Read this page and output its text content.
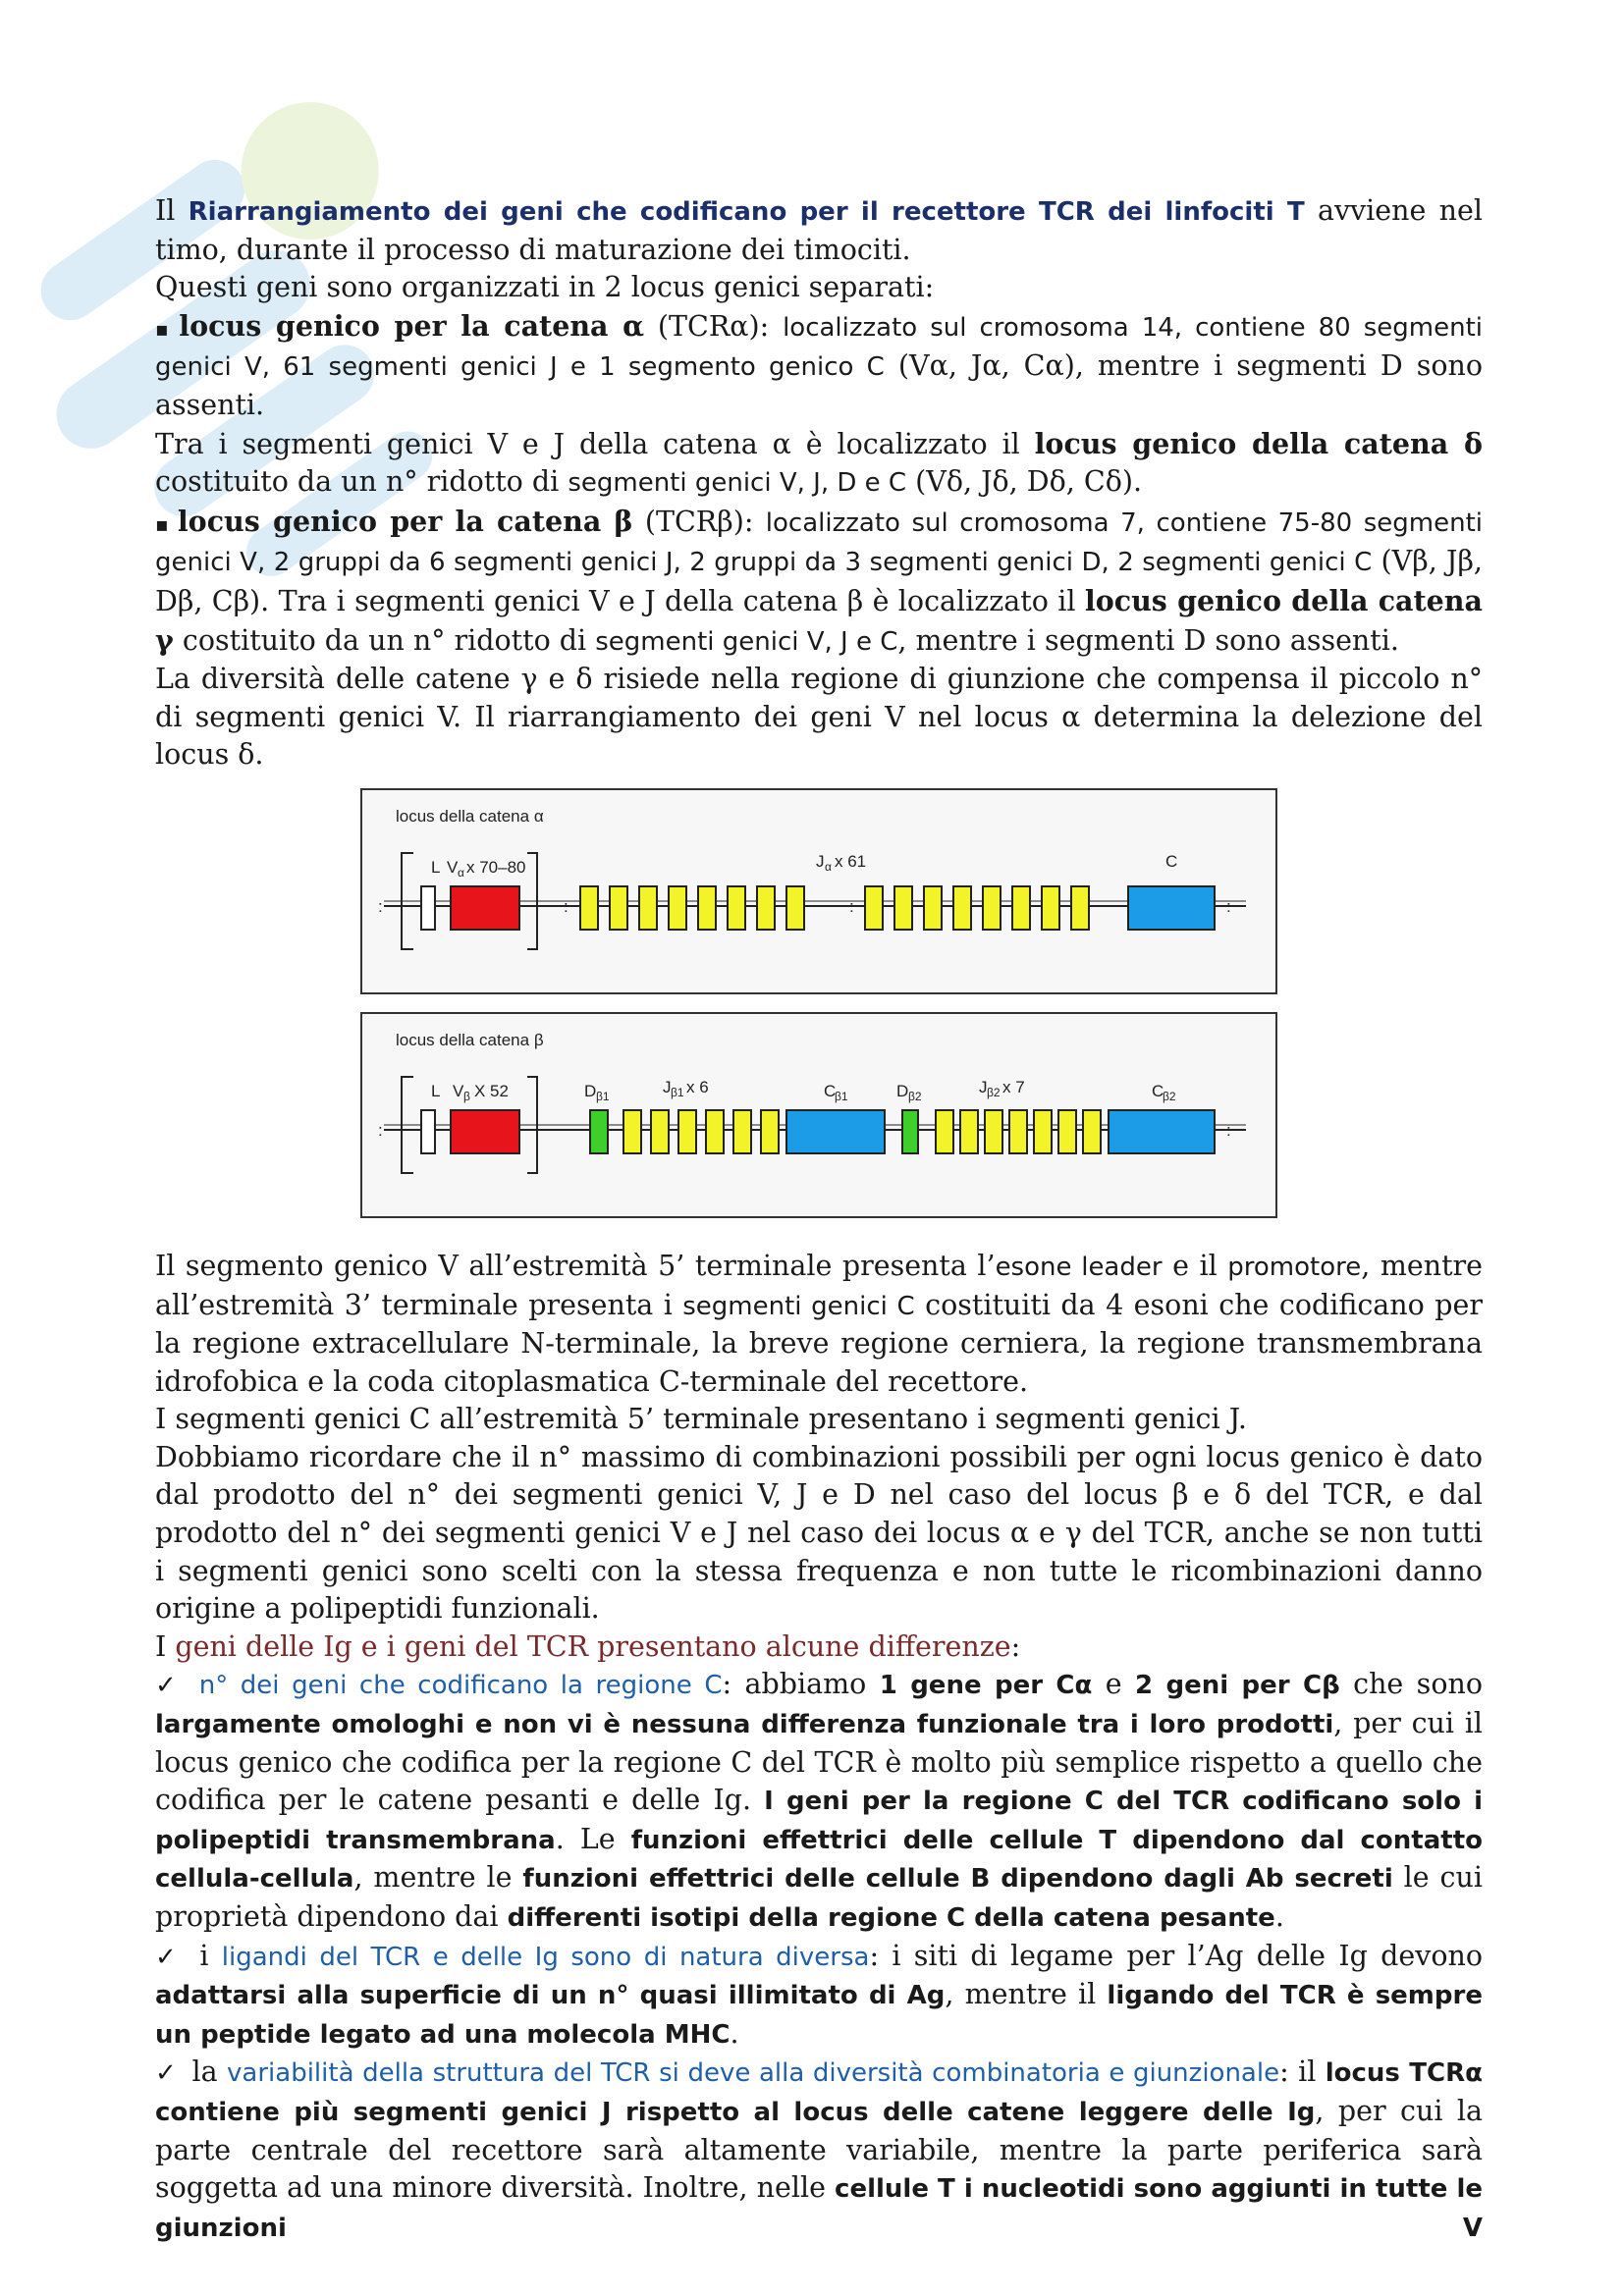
Il Riarrangiamento dei geni che codificano per il recettore TCR dei linfociti T avviene nel timo, durante il processo di maturazione dei timociti.

Questi geni sono organizzati in 2 locus genici separati:

▪ locus genico per la catena α (TCRα): localizzato sul cromosoma 14, contiene 80 segmenti genici V, 61 segmenti genici J e 1 segmento genico C (Vα, Jα, Cα), mentre i segmenti D sono assenti.

Tra i segmenti genici V e J della catena α è localizzato il locus genico della catena δ costituito da un n° ridotto di segmenti genici V, J, D e C (Vδ, Jδ, Dδ, Cδ).

▪ locus genico per la catena β (TCRβ): localizzato sul cromosoma 7, contiene 75-80 segmenti genici V, 2 gruppi da 6 segmenti genici J, 2 gruppi da 3 segmenti genici D, 2 segmenti genici C (Vβ, Jβ, Dβ, Cβ). Tra i segmenti genici V e J della catena β è localizzato il locus genico della catena γ costituito da un n° ridotto di segmenti genici V, J e C, mentre i segmenti D sono assenti.

La diversità delle catene γ e δ risiede nella regione di giunzione che compensa il piccolo n° di segmenti genici V. Il riarrangiamento dei geni V nel locus α determina la delezione del locus δ.

locus della catena α
L V α x 70–80
:	:	:	:
J α x 61	C
locus della catena β
L V β X 52
:	:
D β1	J β1 x 6	C
β1	D β2	J β2 x 7	C
β2

Il segmento genico V all’estremità 5’ terminale presenta l’esone leader e il promotore, mentre all’estremità 3’ terminale presenta i segmenti genici C costituiti da 4 esoni che codificano per la regione extracellulare N-terminale, la breve regione cerniera, la regione transmembrana idrofobica e la coda citoplasmatica C-terminale del recettore.

I segmenti genici C all’estremità 5’ terminale presentano i segmenti genici J.

Dobbiamo ricordare che il n° massimo di combinazioni possibili per ogni locus genico è dato dal prodotto del n° dei segmenti genici V, J e D nel caso del locus β e δ del TCR, e dal prodotto del n° dei segmenti genici V e J nel caso dei locus α e γ del TCR, anche se non tutti i segmenti genici sono scelti con la stessa frequenza e non tutte le ricombinazioni danno origine a polipeptidi funzionali.

I geni delle Ig e i geni del TCR presentano alcune differenze:

✓ n° dei geni che codificano la regione C: abbiamo 1 gene per Cα e 2 geni per Cβ che sono largamente omologhi e non vi è nessuna differenza funzionale tra i loro prodotti, per cui il locus genico che codifica per la regione C del TCR è molto più semplice rispetto a quello che codifica per le catene pesanti e delle Ig. I geni per la regione C del TCR codificano solo i polipeptidi transmembrana. Le funzioni effettrici delle cellule T dipendono dal contatto cellula-cellula, mentre le funzioni effettrici delle cellule B dipendono dagli Ab secreti le cui proprietà dipendono dai differenti isotipi della regione C della catena pesante.

✓ i ligandi del TCR e delle Ig sono di natura diversa: i siti di legame per l’Ag delle Ig devono adattarsi alla superficie di un n° quasi illimitato di Ag, mentre il ligando del TCR è sempre un peptide legato ad una molecola MHC.

✓ la variabilità della struttura del TCR si deve alla diversità combinatoria e giunzionale: il locus TCRα contiene più segmenti genici J rispetto al locus delle catene leggere delle Ig, per cui la parte centrale del recettore sarà altamente variabile, mentre la parte periferica sarà soggetta ad una minore diversità. Inoltre, nelle cellule T i nucleotidi sono aggiunti in tutte le giunzioni V
